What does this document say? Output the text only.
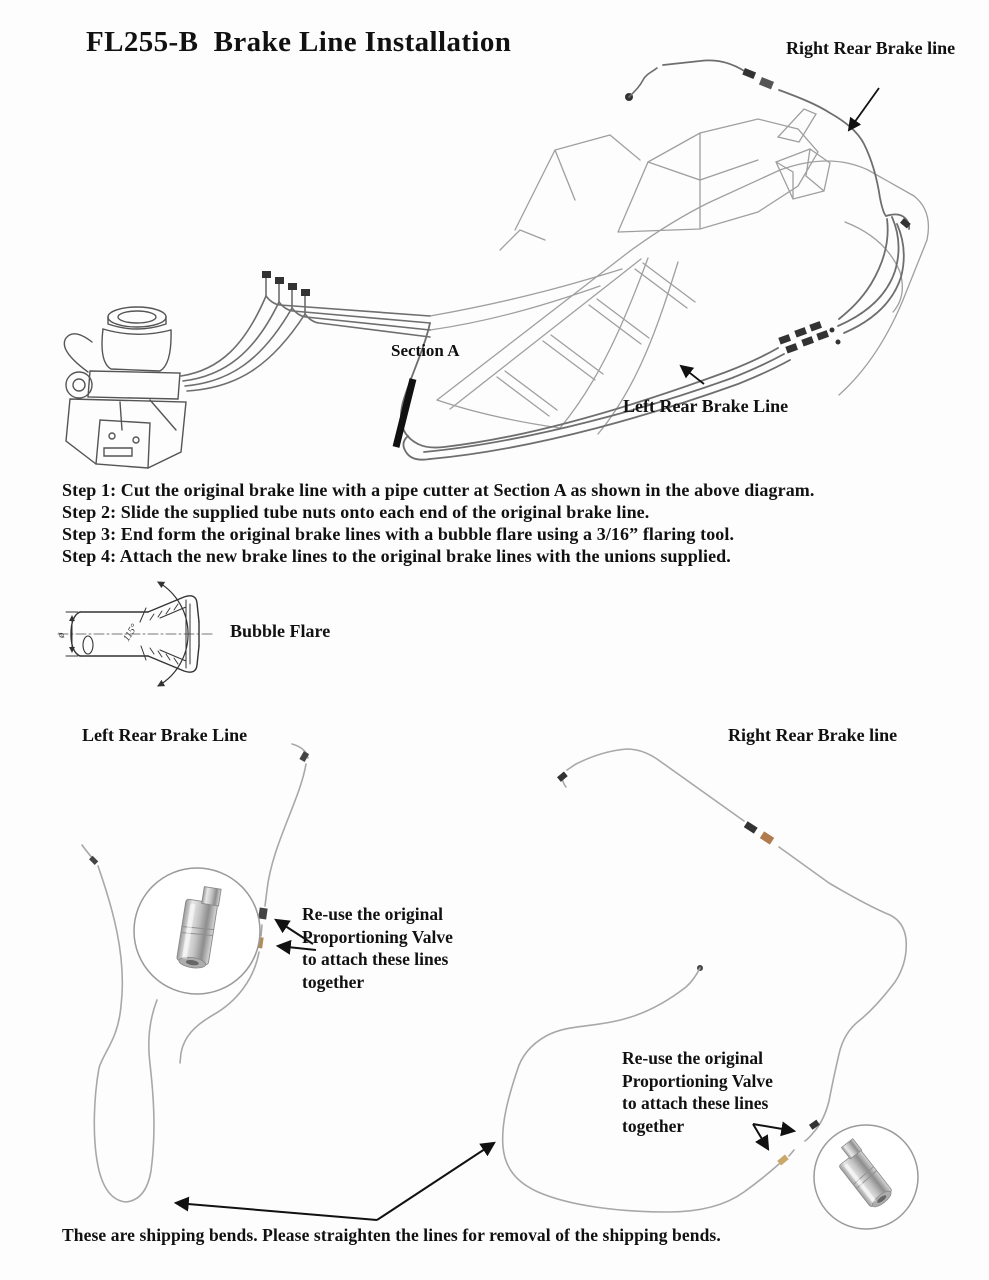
115°
ø
FL255-B  Brake Line Installation	Right Rear Brake line
Section A
Left Rear Brake Line
Step 1: Cut the original brake line with a pipe cutter at Section A as shown in the above diagram.
Step 2: Slide the supplied tube nuts onto each end of the original brake line.
Step 3: End form the original brake lines with a bubble flare using a 3/16” flaring tool.
Step 4: Attach the new brake lines to the original brake lines with the unions supplied.
Bubble Flare
Left Rear Brake Line	Right Rear Brake line
Re-use the original
Proportioning Valve
to attach these lines
together
Re-use the original
Proportioning Valve
to attach these lines
together
These are shipping bends. Please straighten the lines for removal of the shipping bends.
